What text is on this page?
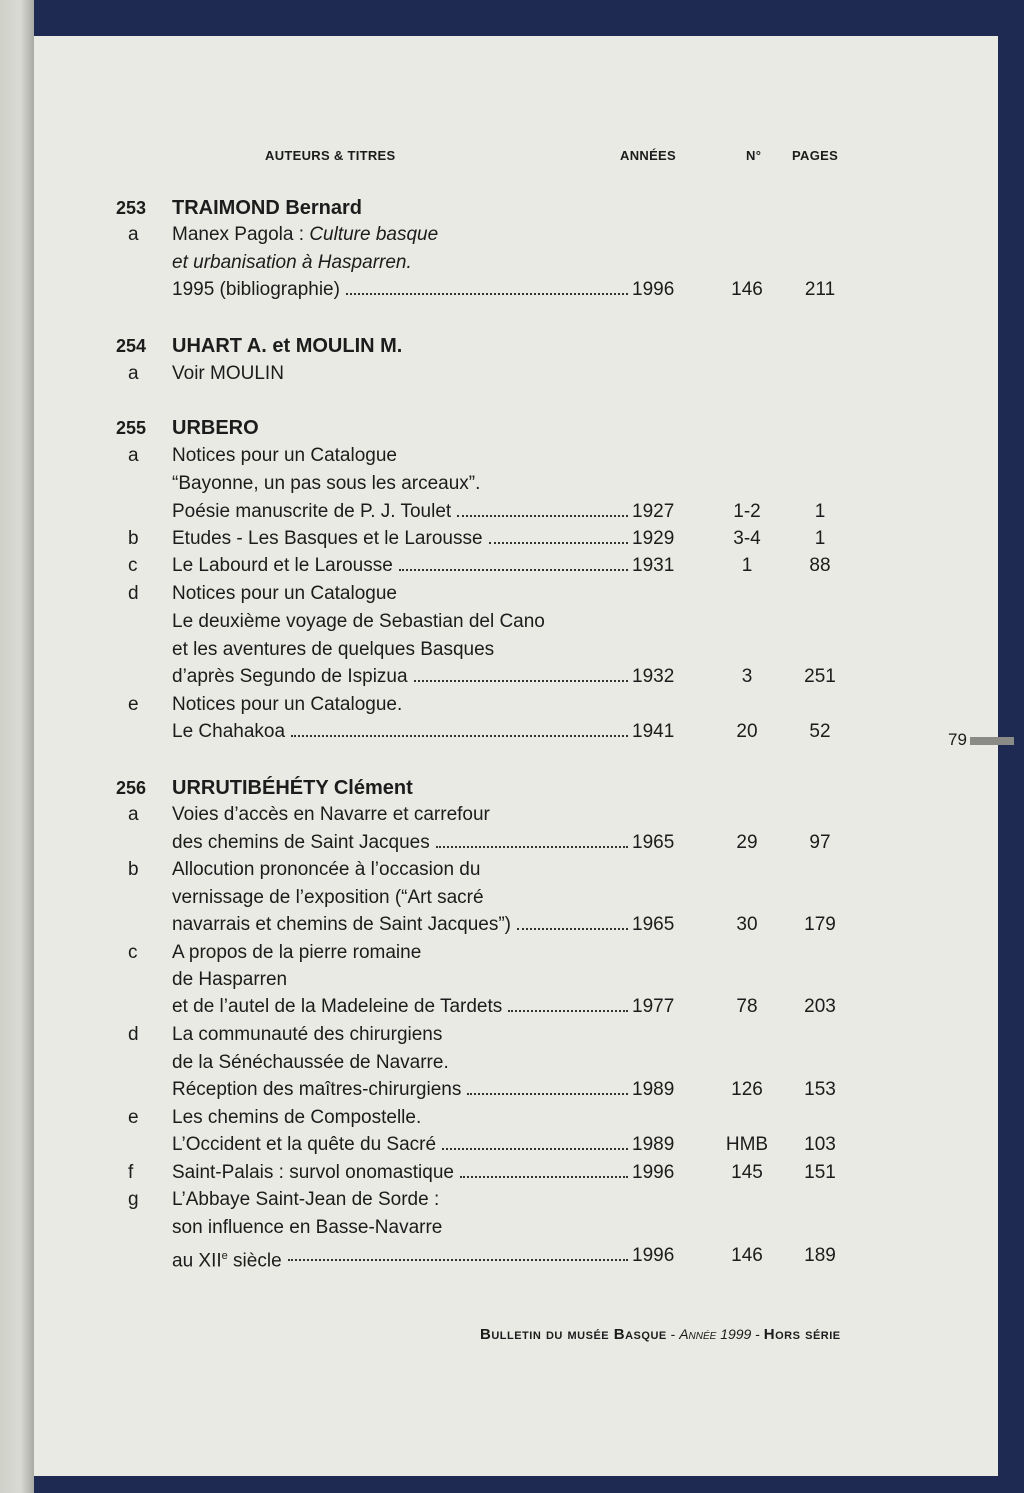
AUTEURS & TITRES	ANNÉES	N° PAGES
253	TRAIMOND Bernard
a	Manex Pagola : Culture basque
et urbanisation à Hasparren.
1995 (bibliographie)	1996	146	211
254	UHART A. et MOULIN M.
a	Voir MOULIN
255	URBERO
a	Notices pour un Catalogue
“Bayonne, un pas sous les arceaux”.
Poésie manuscrite de P. J. Toulet	1927	1-2	1
b	Etudes - Les Basques et le Larousse	1929	3-4	1
c	Le Labourd et le Larousse	1931	1	88
d	Notices pour un Catalogue
Le deuxième voyage de Sebastian del Cano
et les aventures de quelques Basques
d’après Segundo de Ispizua	1932	3	251
e	Notices pour un Catalogue.
Le Chahakoa	1941	20	52
256	URRUTIBÉHÉTY Clément
a	Voies d’accès en Navarre et carrefour
des chemins de Saint Jacques	1965	29	97
b	Allocution prononcée à l’occasion du
vernissage de l’exposition (“Art sacré
navarrais et chemins de Saint Jacques”)	1965	30	179
c	A propos de la pierre romaine
de Hasparren
et de l’autel de la Madeleine de Tardets	1977	78	203
d	La communauté des chirurgiens
de la Sénéchaussée de Navarre.
Réception des maîtres-chirurgiens	1989	126	153
e	Les chemins de Compostelle.
L’Occident et la quête du Sacré	1989	HMB	103
f	Saint-Palais : survol onomastique	1996	145	151
g	L’Abbaye Saint-Jean de Sorde :
son influence en Basse-Navarre
au XIIe siècle	1996	146	189
79
Bulletin du musée Basque - Année 1999 - Hors série
